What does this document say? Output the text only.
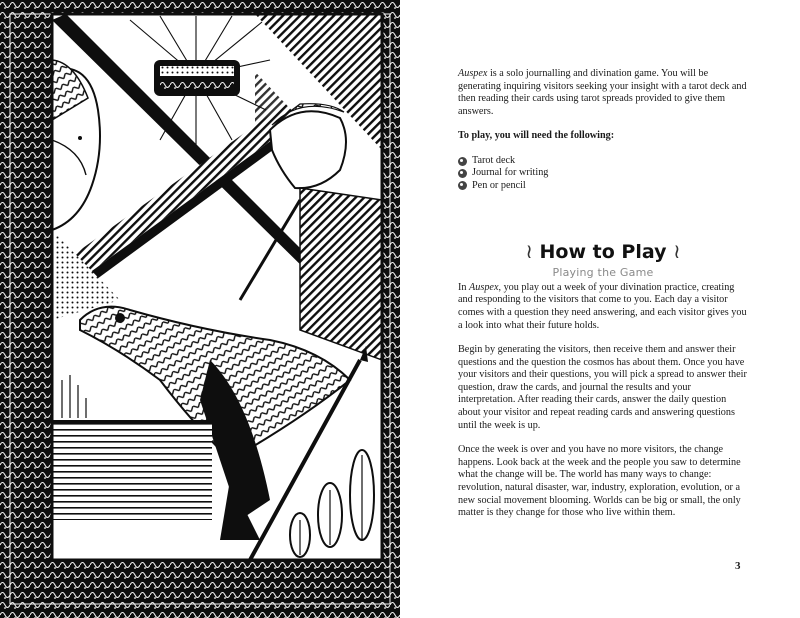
Auspex is a solo journalling and divination game. You will be generating inquiring visitors seeking your insight with a tarot deck and then reading their cards using tarot spreads provided to give them answers.

To play, you will need the following:

Tarot deck
Journal for writing
Pen or pencil
≀ How to Play ≀
Playing the Game

In Auspex, you play out a week of your divination practice, creating and responding to the visitors that come to you. Each day a visitor comes with a question they need answering, and each visitor gives you a look into what their future holds.

Begin by generating the visitors, then receive them and answer their questions and the question the cosmos has about them. Once you have your visitors and their questions, you will pick a spread to answer their question, draw the cards, and journal the results and your interpretation. After reading their cards, answer the daily question about your visitor and repeat reading cards and answering questions until the week is up.

Once the week is over and you have no more visitors, the change happens. Look back at the week and the people you saw to determine what the change will be. The world has many ways to change: revolution, natural disaster, war, industry, exploration, evolution, or a new social movement blooming. Worlds can be big or small, the only matter is they change for those who live within them.

3
